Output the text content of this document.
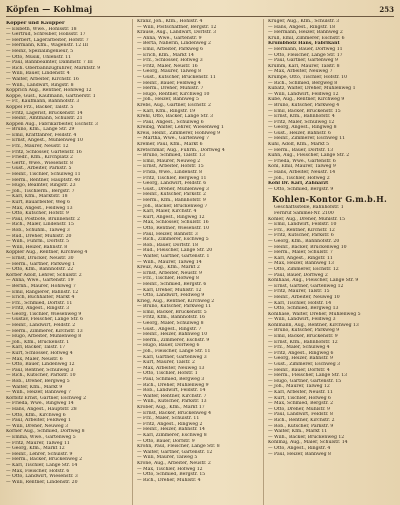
Köpfen — Kohlmaj	253
Köpper und Kaupper
— Elsbeth, Wwe., Hohlsstr. 18
— Gertrud, Schreiber, Hollsstr. 17
— Herbert, Lagerarbeiter, Hofstr. 7
— Hermann, Kfm., Wagenstr. 12 III
— Heinz, Spezialingenieur, 5
— Otto, Musik, Uhlenstr. 11
— Paul, Bahnbeamter, Dammstr. 7 III
— Rich. Oberbahnzugführer, Marktstr. 9
— Willi, Bauer, Lindenstr. 4
— Walter, Arbeiter, Kirchstr. 16
— Wilh., Landwirt, Ringstr. 8
Köpprich Aug., Rentner, Hohlweg 12
Köppe, Gust., Kaufmann, Gärtnerstr. 1
— Fr., Kaufmann, Bahnhofstr. 3
Köppel Frz., Bäcker, Talstr. 5
— Fritz, Lagerist, Brückenstr. 14
— Heinr., Amtmann, Schulstr. 21
Köppen Aug., Fabrikarbeiter, Eschstr. 3
— Bruno, Kfm., Lange Str. 29
— Emil, Kraftfahrer, Feldstr. 4
— Ernst, Angest., Mühlenweg 10
— Frz., Maurer, Neustr. 12
— Fritz, Schlosser, Gartenstr. 16
— Friedr., Kfm., Kirchplatz 2
— Gertr., Wwe., Wiesenstr. 8
— Gust., Arbeiter, Parkstr. 5
— Heinr., Tischler, Schulweg 11
— Herm., Rentner, Hauptstr. 40
— Hugo, Beamter, Ringstr. 23
— Joh., Tischlerm., Bergstr. 7
— Karl, Kfm., Marktstr. 18
— Kurt, Bauarbeiter, Weg 6
— Max, Angest., Feldweg 13
— Otto, Kutscher, Hofstr. 9
— Paul, Postbote, Brunnenstr. 2
— Rich., Maler, Lindenstr. 15
— Rob., Schuhm., Talweg 3
— Rud., Dreher, Mühlstr. 20
— Wilh., Fuhrm., Dorfstr. 5
— Willi, Heizer, Bahnstr. 8
Köppler Aug., Rentner, Kirchweg 4
— Ernst, Drucker, Neustr. 30
— Herm., Gärtner, Parkweg 1
— Otto, Kfm., Bahnhofstr. 22
Körber Adolf, Lehrer, Schulstr. 2
— Anna, Wwe., Gartenstr. 19
— Bernh., Maurer, Hohlweg 7
— Emil, Rangierer, Bahnstr. 12
— Erich, Buchhalter, Markt 4
— Frz., Schmied, Dorfstr. 11
— Fritz, Angest., Ringstr. 3
— Georg, Tischler, Wiesenweg 9
— Gustav, Fleischer, Lange Str. 6
— Heinr., Landwirt, Feldstr. 2
— Herm., Zimmerer, Kirchstr. 13
— Hugo, Arbeiter, Mühlenweg 8
— Joh., Kfm., Brückenstr. 1
— Karl, Bäcker, Talstr. 17
— Kurt, Schlosser, Hofweg 4
— Max, Maler, Neustr. 6
— Otto, Bauer, Lindenweg 12
— Paul, Rentner, Schulweg 3
— Rich., Kutscher, Parkstr. 10
— Rob., Dreher, Bergweg 5
— Walter, Kfm., Markt 9
— Wilh., Heizer, Bahnweg 7
Körbitz Ernst, Gärtner, Eschweg 2
— Frieda, Wwe., Ringweg 14
— Hans, Angest., Hauptstr. 28
— Otto, Kfm., Kirchweg 6
— Paul, Arbeiter, Feldweg 1
— Willi, Dreher, Neuweg 3
Körner Aug., Schmied, Dorfweg 8
— Emma, Wwe., Gartenweg 5
— Fritz, Maurer, Talweg 11
— Georg, Kfm., Markt 12
— Heinr., Lehrer, Schulstr. 9
— Herm., Bäcker, Brückenweg 2
— Karl, Tischler, Lange Str. 14
— Max, Fleischer, Hofstr. 6
— Otto, Landwirt, Wiesenstr. 3
— Willi, Rentner, Lindenstr. 20
Kranz, Joh., Kfm., Hohlstr. 4
— Willi, Postschaffner, Bergstr. 12
Krause, Aug., Landwirt, Dorfstr. 3
— Anna, Wwe., Gartenstr. 9
— Berta, Näherin, Lindenweg 2
— Emil, Arbeiter, Parkweg 6
— Erich, Kfm., Markt 14
— Frz., Schlosser, Hofweg 3
— Fritz, Maler, Neustr. 16
— Georg, Maurer, Talweg 8
— Gust., Kutscher, Brückenstr. 11
— Heinr., Bauer, Feldweg 4
— Herm., Dreher, Mühlstr. 7
— Hugo, Rentner, Kirchweg 10
— Joh., Heizer, Bahnweg 5
Krebs, Aug., Gärtner, Eschstr. 2
— Karl, Kfm., Ringstr. 19
Krehl, Otto, Bäcker, Lange Str. 3
— Paul, Angest., Schulweg 6
Kreibig, Walter, Lehrer, Wiesenweg 1
Kreis, Heinr., Zimmerer, Hohlweg 9
— Martha, Wwe., Gartenweg 7
Kremer, Paul, Kfm., Markt 6
Kretschmar, Aug., Fuhrm., Dorfweg 4
— Bruno, Schmied, Talstr. 13
— Emil, Maurer, Neuweg 2
— Ernst, Arbeiter, Hofstr. 15
— Frida, Wwe., Lindenstr. 8
— Fritz, Tischler, Bergweg 11
— Georg, Landwirt, Feldstr. 6
— Gust., Dreher, Mühlenweg 3
— Heinr., Kutscher, Parkstr. 2
— Herm., Kfm., Bahnhofstr. 9
— Joh., Bäcker, Brückenweg 7
— Karl, Maler, Kirchstr. 4
— Kurt, Angest., Ringweg 12
— Max, Schlosser, Schulstr. 16
— Otto, Rentner, Wiesenstr. 10
— Paul, Heizer, Bahnstr. 3
— Rich., Zimmerer, Eschweg 5
— Rob., Bauer, Dorfstr. 18
— Rud., Fleischer, Lange Str. 20
— Walter, Gärtner, Gartenstr. 1
— Wilh., Maurer, Talweg 14
Kreuz, Aug., Kfm., Markt 2
— Ernst, Arbeiter, Neustr. 9
— Frz., Tischler, Hofweg 8
— Heinr., Schmied, Bergstr. 6
— Karl, Dreher, Mühlstr. 12
— Otto, Landwirt, Feldweg 9
Krieg, Aug., Rentner, Kirchweg 2
— Bruno, Kutscher, Parkweg 11
— Emil, Bäcker, Brückenstr. 5
— Fritz, Kfm., Bahnhofstr. 16
— Georg, Maler, Schulweg 8
— Gust., Angest., Ringstr. 7
— Heinr., Heizer, Bahnweg 10
— Herm., Zimmerer, Eschstr. 9
— Hugo, Bauer, Dorfweg 6
— Joh., Fleischer, Lange Str. 11
— Karl, Gärtner, Gartenweg 3
— Kurt, Maurer, Talstr. 2
— Max, Arbeiter, Neuweg 13
— Otto, Tischler, Hofstr. 1
— Paul, Schmied, Bergweg 3
— Rich., Dreher, Mühlenweg 9
— Rob., Landwirt, Feldstr. 14
— Walter, Rentner, Kirchstr. 7
— Wilh., Kutscher, Parkstr. 13
Kröber, Aug., Kfm., Markt 17
— Ernst, Bäcker, Brückenweg 4
— Frz., Maler, Schulstr. 11
— Fritz, Angest., Ringweg 2
— Heinr., Heizer, Bahnstr. 14
— Karl, Zimmerer, Eschweg 8
— Otto, Bauer, Dorfstr. 9
Krohn, Paul, Fleischer, Lange Str. 8
— Walter, Gärtner, Gartenstr. 12
— Willi, Maurer, Talweg 5
Krone, Aug., Arbeiter, Neustr. 2
— Max, Tischler, Hofweg 12
— Otto, Schmied, Bergstr. 15
— Rich., Dreher, Mühlstr. 4
Krüger, Aug., Kfm., Schulstr. 3
— Hans, Angest., Ringstr. 18
— Hermann, Heizer, Bahnweg 2
Krull, Emil, Zimmerer, Eschstr. 6
Krumbholz Hans, Fabrikant
— Hermann, Bauer, Dorfweg 11
— Otto, Fleischer, Lange Str. 17
— Paul, Gärtner, Gartenweg 9
Krumm, Karl, Maurer, Talstr. 8
— Max, Arbeiter, Neuweg 7
Krumpe, Otto, Tischler, Hofstr. 10
— Rich., Schmied, Bergweg 8
Kubatz, Walter, Dreher, Mühlenweg 1
— Willi, Landwirt, Feldweg 12
Kube, Aug., Rentner, Kirchweg 9
— Bruno, Kutscher, Parkweg 4
— Emil, Bäcker, Brückenstr. 15
— Ernst, Kfm., Bahnhofstr. 4
— Fritz, Maler, Schulweg 12
— Georg, Angest., Ringweg 8
— Gust., Heizer, Bahnstr. 6
— Heinr., Zimmerer, Eschweg 11
Kuhl, Adolf, Kfm., Markt 5
— Herm., Bauer, Dorfstr. 13
Kühn, Aug., Fleischer, Lange Str. 2
— Frieda, Wwe., Gartenstr. 6
Kohl, Emil, Maurer, Talweg 9
— Hans, Arbeiter, Neustr. 14
— Joh., Tischler, Hofweg 2
Kohl Dr. Karl, Zahnarzt
— Otto, Schmied, Bergstr. 9
Kohlen-Kontor G.m.b.H.
Geschäftsstelle, Bahnhofstr. 1
Fernruf Sammel-Nr. 2100
Kohler, Aug., Dreher, Mühlstr. 15
— Emil, Landwirt, Feldstr. 10
— Frz., Rentner, Kirchstr. 12
— Fritz, Kutscher, Parkstr. 6
— Georg, Kfm., Bahnhofstr. 20
— Heinr., Bäcker, Brückenweg 10
— Herm., Maler, Schulstr. 7
— Karl, Angest., Ringstr. 11
— Max, Heizer, Bahnweg 13
— Otto, Zimmerer, Eschstr. 12
— Paul, Bauer, Dorfweg 2
Kohlhaas, Aug., Fleischer, Lange Str. 9
— Ernst, Gärtner, Gartenweg 12
— Fritz, Maurer, Talstr. 15
— Heinr., Arbeiter, Neuweg 10
— Karl, Tischler, Hofstr. 14
— Otto, Schmied, Bergweg 13
Kohlhase, Walter, Dreher, Mühlenweg 5
— Willi, Landwirt, Feldweg 3
Kohlmann, Aug., Rentner, Kirchweg 13
— Bruno, Kutscher, Parkweg 9
— Emil, Bäcker, Brückenstr. 9
— Ernst, Kfm., Bahnhofstr. 12
— Frz., Maler, Schulweg 4
— Fritz, Angest., Ringweg 6
— Georg, Heizer, Bahnstr. 9
— Gust., Zimmerer, Eschweg 3
— Heinr., Bauer, Dorfstr. 4
— Herm., Fleischer, Lange Str. 13
— Hugo, Gärtner, Gartenstr. 15
— Joh., Maurer, Talweg 12
— Karl, Arbeiter, Neustr. 11
— Kurt, Tischler, Hofweg 6
— Max, Schmied, Bergstr. 2
— Otto, Dreher, Mühlstr. 9
— Paul, Landwirt, Feldstr. 8
— Rich., Rentner, Kirchstr. 2
— Rob., Kutscher, Parkstr. 9
— Walter, Kfm., Markt 11
— Wilh., Bäcker, Brückenweg 12
Kohlmaj, Aug., Maler, Schulstr. 14
— Otto, Angest., Ringstr. 4
— Paul, Heizer, Bahnweg 8
